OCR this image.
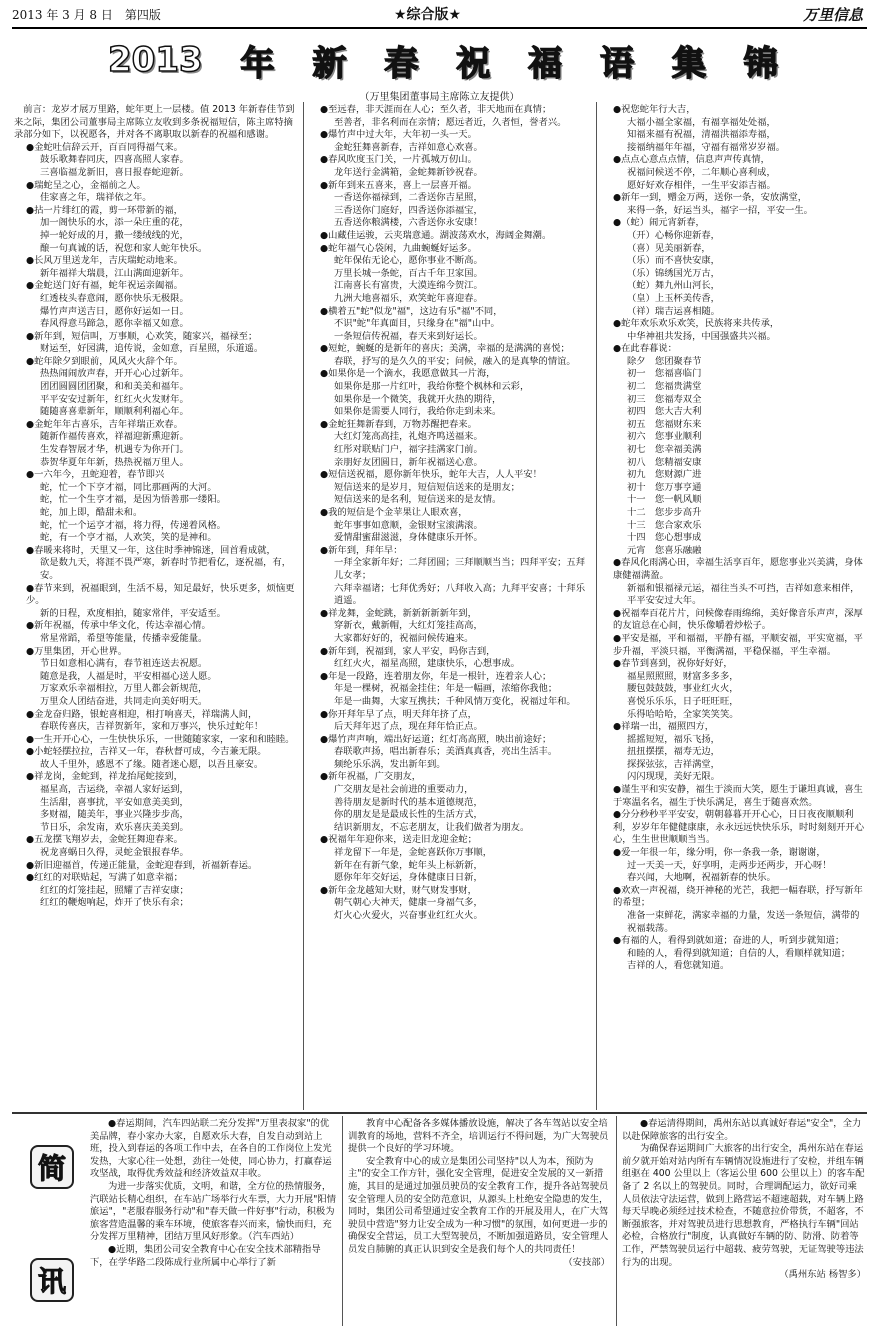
2013 年 3 月 8 日　第四版	★综合版★	万里信息
2013 年 新 春 祝 福 语 集 锦
（万里集团董事局主席陈立友提供）

　前言：龙岁才展万里路，蛇年更上一层楼。值 2013 年新春佳节到来之际，集团公司董事局主席陈立友收到多条祝福短信，陈主席特摘录部分如下，以祝愿各，并对各不离职取以新春的祝福和感谢。

●金蛇吐信辞云开，百百同得福气来。

鼓乐歌舞春同庆，四喜高照人家春。

三喜临福龙新旧，喜日报春蛇迎新。

●瑞蛇呈之心，金福前之人。

佳家喜之年，瑞祥依之年。

●拈一片绯红的霞，剪一环带新的福，

加一阁快乐的水，添一朵庄重的花，

掉一轮好成的月，撒一缕绒线的光，

酿一句真诚的话，祝您和家人蛇年快乐。

●长风万里送龙年，吉庆瑞蛇动地来。

新年福祥大瑞晨，江山满面迎新年。

●金蛇送门好有福，蛇年祝运亲阖福。

红透枝头春意闹，愿你快乐无极限。

爆竹声声送吉日，愿你好运如一日。

春风得意马蹄急，愿你幸福又如意。

●新年到，短信叫，万事顺，心欢笑，随家兴，福禄至；

财运至，好园满，追传说，金如意，百星照，乐道遥。

●蛇年除夕到眼前，风风火火辞个年。

热热闹闹放声春，开开心心过新年。

团团圆圆团团聚，和和美美和福年。

平平安安过新年，红红火火发财年。

随随喜喜辈新年，顺顺利利福心年。

●金蛇年年古喜乐，吉年祥瑞正欢春。

随新作福传喜欢，祥福迎新熏迎新。

生发春智展才华，机遇专为你开门。

恭贺华夏年年新，热热祝福万里人。

●一六年今，丑蛇迎着，春节即兴

蛇，忙一个下亨才福，同比那画两的大河。

蛇，忙一个生亨才福，是因为悟善那一缕阳。

蛇，加上即，酷甜未和。

蛇，忙一个运亨才福，将力得，传递着风格。

蛇，有一个亨才福，人欢笑，笑的是神和。

●春暖来将时，天里又一年，这住时季神锦迷，回首看成就，

欲是数九天，将涯不畏严寒，新春时节把看亿，逐祝福，有，安。

●春节来到，祝福眼到，生活不易，知足最好，快乐更多，烦恼更少。

新的日程，欢度相拍，随家常伴，平安适至。

●新年祝福，传承中华文化，传达幸福心情。

常星常蹈，希望等能量，传播幸爱能量。

●万里集团，开心世界。

节日如意相心满有，春节祖连送去祝愿。

随意是我，人福是时，平安相福心送人愿。

万家欢乐幸福相拉，万里人都会新规范，

万里众人团结奋进，共同走向美好明天。

●金龙奋归路，银蛇喜相迎，相打响喜天，祥瑞满人间，

春联传喜庆，吉祥贺新年，家和万事兴，快乐过蛇年！

●一生开开心心，一生快快乐乐，一世随随家家，一家和和睦睦。

●小蛇轻摆拉拉，吉祥又一年，春秋督可成，今吉兼无限。

故人千里外，感恩不了缘。随者迷心愿，以吾且豪安。

●祥龙岗，金蛇到，祥龙抬尾蛇接到，

福星高，吉运绕，幸福人家好运到，

生活甜，喜事扰，平安如意美美到，

多财福，随美年，事业兴隆步步高，

节日乐，余发南，欢乐喜庆美美到。

●五龙摆飞翔岁去，金蛇狂舞迎春来。

祝龙喜蜗日久得，灵蛇金银报春华。

●新旧迎福首，传递正能量，金蛇迎春到，祈福新春运。

●红红的对联贴起，写满了如意幸福；

红红的灯笼挂起，照耀了吉祥安康；

红红的鞭炮响起，炸开了快乐有余；

●至远春，非天涯而在人心；至久者，非天地而在真情；

至善者，非名利而在亲情；愿远者近，久者恒，誉者兴。

●爆竹声中过大年，大年初一头一天。

金蛇狂舞喜新春，吉祥如意心欢喜。

●春风吹度玉门关，一片孤城万仞山。

龙年送行金满箱，金蛇舞新钞祝春。

●新年到来五喜来，喜上一层喜开福。

一香送你福禄到，二香送你吉星照，

三香送你门庭好，四香送你添福宝，

五香送你粮满楼，六香送你永安康！

●山藏佳运骏，云夹瑞意通。湖波荡欢水，海阔金舞潮。

●蛇年福气心袋闲，九曲蜿蜒好运多。

蛇年保佑无论心，愿你事业不断高。

万里长城一条蛇，百古千年卫家国。

江南喜长有富贵，大漠连绵今贺江。

九洲大地喜福乐，欢笑蛇年喜迎春。

●横着五"蛇"似龙"福"，这边有乐"福"不同，

不识"蛇"年真面目，只缘身在"福"山中。

一条短信传祝福，春天来到好运长。

●短蛇，蜿蜒的是新年的喜庆；美满，幸福的是满满的喜悦；

春联，抒写的是久久的平安；问候，融入的是真挚的情谊。

●如果你是一个滴水，我愿意做其一片海，

如果你是那一片红叶，我给你整个枫林和云彩，

如果你是一个微笑，我就开火热的期待，

如果你是需要人同行，我给你走到未来。

●金蛇狂舞新春到，万物苏醒把春来。

大红灯笼高高挂，礼炮齐鸣送福来。

红彤对联贴门户，福字挂满家门前。

亲朋好友团圆日，新年祝福送心意。

●短信送祝福，愿你新年快乐，蛇年大吉，人人平安！

短信送来的是岁月，短信短信送来的是朋友；

短信送来的是名利，短信送来的是友情。

●我的短信是个金苹果让人眼欢喜，

蛇年事事如意顺，金银财宝滚满滚。

爱情甜蜜甜滋滋，身体健康乐开怀。

●新年到，拜年早：

一拜全家新年好；二拜团圆；三拜顺顺当当；四拜平安；五拜儿女孝；

六拜幸福诸；七拜优秀好；八拜收入高；九拜平安喜；十拜乐逍遥。

●祥龙舞，金蛇跳，新新新新新年到，

穿新衣，戴新帽，大红灯笼挂高高，

大家都好好的，祝福问候传遍来。

●新年到，祝福到，家人平安，吗你吉到，

红红火火，福星高照，建康快乐，心想事成。

●年是一段路，连着朋友你，年是一根针，连着亲人心；

年是一棵树，祝福金挂住；年是一幅画，浓缩你我他；

年是一曲舞，大家互携扶；千种风情万变化，祝福过年和。

●你开拜年早了点，明天拜年挤了点，

后天拜年迟了点，现在拜年恰正点。

●爆竹声声响，端出好运道；红灯高高照，映出前途好；

春联歌声扬，唱出新春乐；美酒真真香，亮出生活丰。

频纶乐乐涡，发出新年到。

●新年祝福，广交朋友，

广交朋友是社会前进的重要动力，

善待朋友是新时代的基本道德规范，

你的朋友是是最成长性的生活方式，

结识新朋友，不忘老朋友，让我们做者为朋友。

●祝福年年迎你来，送走旧龙迎金蛇；

祥龙留下一年是，金蛇喜跃你万事顺，

新年在有新气象，蛇年头上标新新，

愿你年年交好运，身体健康日日新，

●新年金龙越知大财，财气财发事财，

朝气朝心大神天，健康一身福气多，

灯火心火爱火，兴奋事业红红火火。

●祝您蛇年行大吉，

大福小福全家福，有福享福处处福，

知福来福有祝福，清福洪福添寿福，

接福纳福年年福，守福有福常岁岁福。

●点点心意点点情，信息声声传真情，

祝福问候送不停，二年顺心喜利成，

愿好好欢存相伴，一生平安添吉福。

●新年一到，赠金万两，送你一条，安放满堂，

来得一条，好运当头，福字一招，平安一生。

●（蛇）闹元宵新春，

（开）心畅你迎新春，

（喜）见美丽新春，

（乐）而不喜快安康，

（乐）锦绣国光万古，

（蛇）舞九州山河长，

（皇）上玉杯美传香，

（祥）瑞吉运喜相随。

●蛇年欢乐欢乐欢笑，民族将来共传承，

中华神祖共发扬，中国强盛共兴福。

●在此春暮说：

除夕　您团聚春节

初一　您福喜临门

初二　您福贵满堂

初三　您福寿双全

初四　您大吉大利

初五　您福财东来

初六　您事业顺利

初七　您幸福美满

初八　您精福安康

初九　您财源广进

初十　您万事亨通

十一　您一帆风顺

十二　您步步高升

十三　您合家欢乐

十四　您心想事成

元宵　您喜乐融融

●春风化雨满心田，幸福生活享百年，愿您事业兴美满，身体康健福满盈。

新福和银福禄元运，福往当头不可挡，吉祥如意来相伴，平平安安过大年。

●祝福奉百花片片，问候像春雨绵绵，美好像音乐声声，深厚的友谊总在心间，快乐像嚼着炒松子。

●平安是福，平和福福，平静有福，平顺安福，平实宽福，平步升福，平淡只福，平衡满福，平稳保福，平生幸福。

●春节到喜到，祝你好好好，

福星照照照，财富多多多，

腰包鼓鼓鼓，事业红火火，

喜悦乐乐乐，日子旺旺旺，

乐得哈哈哈，全家笑笑笑。

●祥瑞一出，福照四方，

摇摇短短，福乐飞扬，

扭扭摆摆，福寿无边，

探探弦弦，吉祥满堂，

闪闪现现，美好无限。

●谨生平和实安静，福生于淡而大笑，愿生于谦坦真诚，喜生于寒温名名，福生于快乐满足，喜生于随喜欢然。

●分分秒秒平平安安，朝朝暮暮开开心心，日日夜夜顺顺利利，岁岁年年健健康康，永永远远快快乐乐，时时刻刻开开心心，生生世世顺顺当当。

●爱一年很一年，缘分明，你一条我一条，谢谢谢，

过一天美一天，好享明，走两步还两步，开心呀！

春兴闻，大地啊，祝福新春的快乐。

●欢欢一声祝福，绕开神秘的光芒，我把一幅春联，抒写新年的希望；

准备一束鲜花，满家幸福的力量，发送一条短信，满带的祝福载荡。

●有福的人，看得到就如道；奋进的人，听到步就知道；

和睦的人，看得到就知道；自信的人，看顺样就知道；

吉祥的人，看您就知道。

简
讯

●春运期间，汽车四站联二充分发挥"万里表叔家"的优美品牌，春小家办大家，自愿欢乐大春，自发自动到站上班，投入到春运的各项工作中去，在各自的工作岗位上发光发热，大家心往一处想，劲往一处使，同心协力，打赢春运攻坚战，取得优秀效益和经济效益双丰收。

为进一步落实优质，文明，和谐，全方位的热情服务，汽联站长精心组织，在车站广场举行火车票，大力开展"阳情旅运"，"老服春服务行动"和"春天做一件好事"行动，积极为旅客营造温馨的乘车环境，使旅客春兴而来，愉快而归，充分发挥万里精神，团结万里风好形象。（汽车西站）

●近期，集团公司安全教育中心在安全技术部精指导下，在学华路二段陈成行业所属中心举行了新

教育中心配备各多媒体播放设施，解决了各车驾站以安全培训教育的场地，营料不齐全，培训运行不得问题，为广大驾驶员提供一个良好的学习环境。

安全教育中心的成立是集团公司坚持"以人为本，预防为主"的安全工作方针，强化安全管理，促进安全发展的又一新措施，其目的是通过加强员驶员的安全教育工作，提升各站驾驶员安全管理人员的安全防范意识，从源头上杜绝安全隐患的发生，同时，集团公司希望通过安全教育工作的开展及用人，在广大驾驶员中营造"努力让安全成为一种习惯"的氛围，如何更进一步的确保安全营运，员工大型驾驶员，不断加强道路员，安全管理人员发自肺腑的真正认识到安全是我们每个人的共同责任！

（安技部）

●春运清得期间，禹州东站以真诚好春运"安全"，全力以赴保障旅客的出行安全。

为确保春运期间广大旅客的出行安全，禹州东站在春运前夕就开始对站内所有车辆情况设施进行了安检，并组车辆组驱在 400 公里以上（客运公里 600 公里以上）的客车配备了 2 名以上的驾驶员。同时，合理调配运力，欲好司乘人员依法守法运营，做到上路营运不超速超载，对车辆上路每天早晚必须经过技术检查，不随意拉价带货，不超客，不断强旅客，并对驾驶员进行思想教育，严格执行车辆"回站必检，合格放行"制度，认真做好车辆的防、防滑、防着等工作，严禁驾驶员运行中超载、疲劳驾驶，无证驾驶等违法行为的出现。

（禹州东站 杨智多）
